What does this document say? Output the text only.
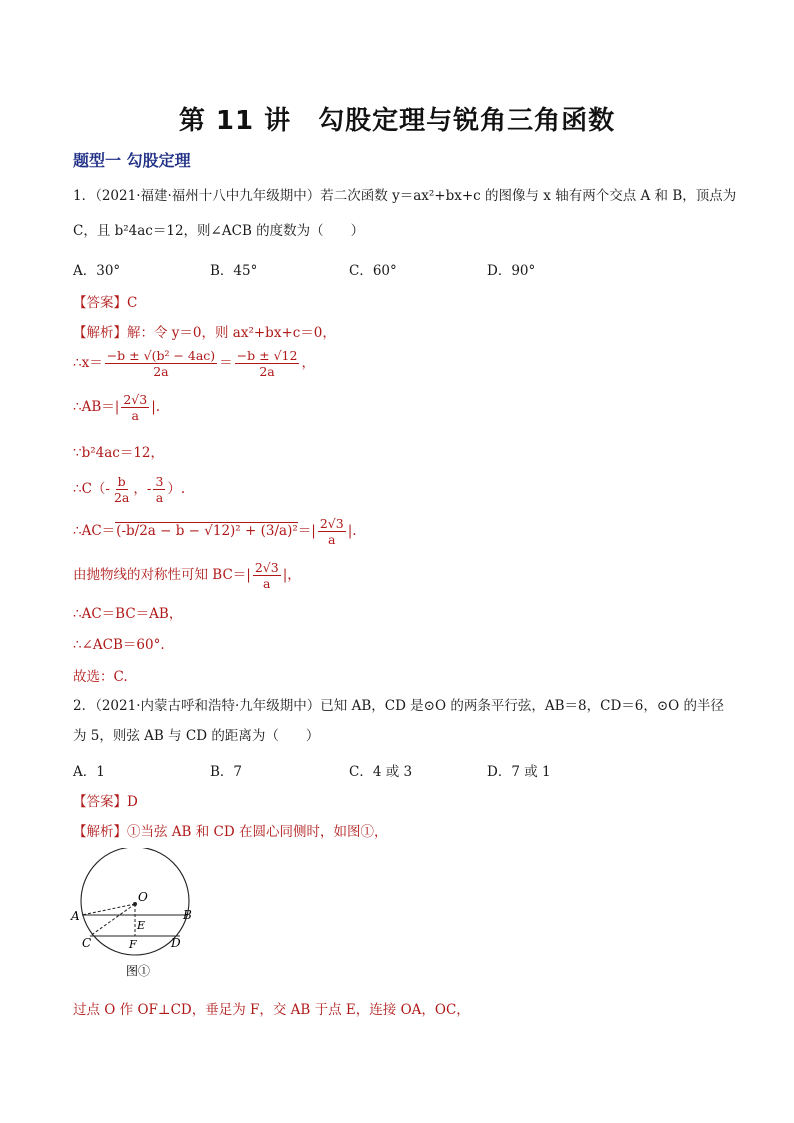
第 11 讲　勾股定理与锐角三角函数
题型一 勾股定理
1．（2021·福建·福州十八中九年级期中）若二次函数 y＝ax²+bx+c 的图像与 x 轴有两个交点 A 和 B，顶点为
C，且 b²4ac＝12，则∠ACB 的度数为（　　）
A．30°	B．45°	C．60°	D．90°
【答案】C
【解析】解：令 y＝0，则 ax²+bx+c＝0，
∴x＝ $\frac{\text{−b ± √(b² − 4ac)}}{2a} = \frac{-b \pm √12}{2a}$ ，
∴AB＝| $\frac{2√3}{a}$ |.
∵b²4ac＝12，
∴C（- $\frac{b}{2a}$ ，- $\frac{3}{a}$ ）.
∴AC＝(-b/2a − $b - √12)^2 + (3/a)^2=| \frac{2√3}{a}$ |.
由抛物线的对称性可知 $BC=| \frac{2√3}{a}$ |，
∴AC＝BC＝AB，
∴∠ACB＝60°.
故选：C.
2．（2021·内蒙古呼和浩特·九年级期中）已知 AB，CD 是⊙O 的两条平行弦，AB＝8，CD＝6，⊙O 的半径
为 5，则弦 AB 与 CD 的距离为（　　）
A．1	B．7	C．4 或 3	D．7 或 1
【答案】D
【解析】①当弦 AB 和 CD 在圆心同侧时，如图①，
O
A	B
C	D
E
F
图①
过点 O 作 OF⊥CD，垂足为 F，交 AB 于点 E，连接 OA，OC，
